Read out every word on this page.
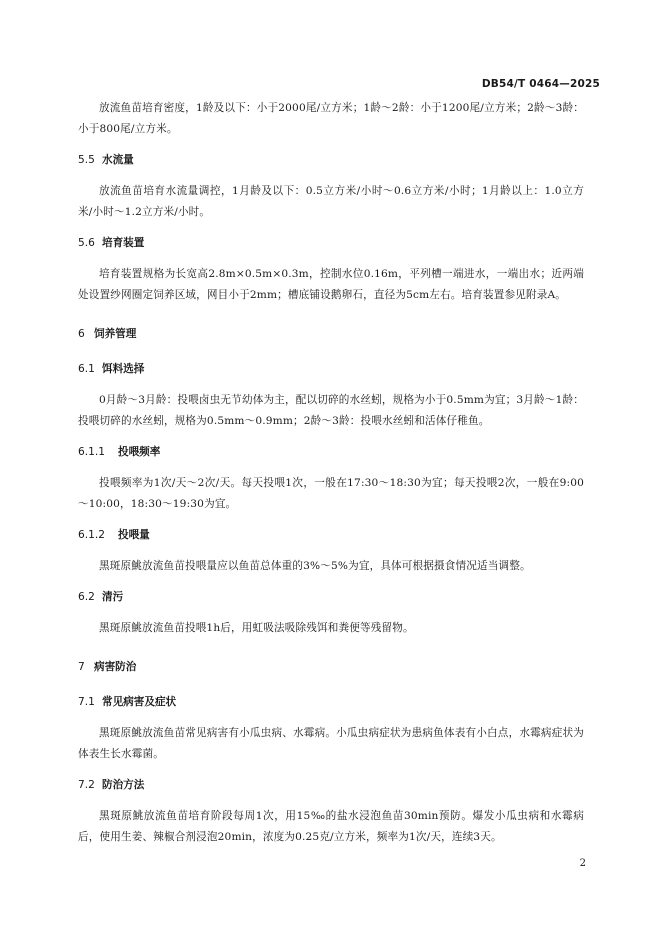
DB54/T 0464—2025

放流鱼苗培育密度，1龄及以下：小于2000尾/立方米；1龄～2龄：小于1200尾/立方米；2龄～3龄：小于800尾/立方米。

5.5 水流量

放流鱼苗培育水流量调控，1月龄及以下：0.5立方米/小时～0.6立方米/小时；1月龄以上：1.0立方米/小时～1.2立方米/小时。

5.6 培育装置

培育装置规格为长宽高2.8m×0.5m×0.3m，控制水位0.16m，平列槽一端进水，一端出水；近两端处设置纱网圈定饲养区域，网目小于2mm；槽底铺设鹅卵石，直径为5cm左右。培育装置参见附录A。

6 饲养管理
6.1 饵料选择

0月龄～3月龄：投喂卤虫无节幼体为主，配以切碎的水丝蚓，规格为小于0.5mm为宜；3月龄～1龄：投喂切碎的水丝蚓，规格为0.5mm～0.9mm；2龄～3龄：投喂水丝蚓和活体仔稚鱼。

6.1.1	投喂频率

投喂频率为1次/天～2次/天。每天投喂1次，一般在17:30～18:30为宜；每天投喂2次，一般在9:00～10:00，18:30～19:30为宜。

6.1.2	投喂量

黑斑原鮡放流鱼苗投喂量应以鱼苗总体重的3%～5%为宜，具体可根据摄食情况适当调整。

6.2 清污

黑斑原鮡放流鱼苗投喂1h后，用虹吸法吸除残饵和粪便等残留物。

7 病害防治
7.1 常见病害及症状

黑斑原鮡放流鱼苗常见病害有小瓜虫病、水霉病。小瓜虫病症状为患病鱼体表有小白点，水霉病症状为体表生长水霉菌。

7.2 防治方法

黑斑原鮡放流鱼苗培育阶段每周1次，用15‰的盐水浸泡鱼苗30min预防。爆发小瓜虫病和水霉病后，使用生姜、辣椒合剂浸泡20min，浓度为0.25克/立方米，频率为1次/天，连续3天。

2
